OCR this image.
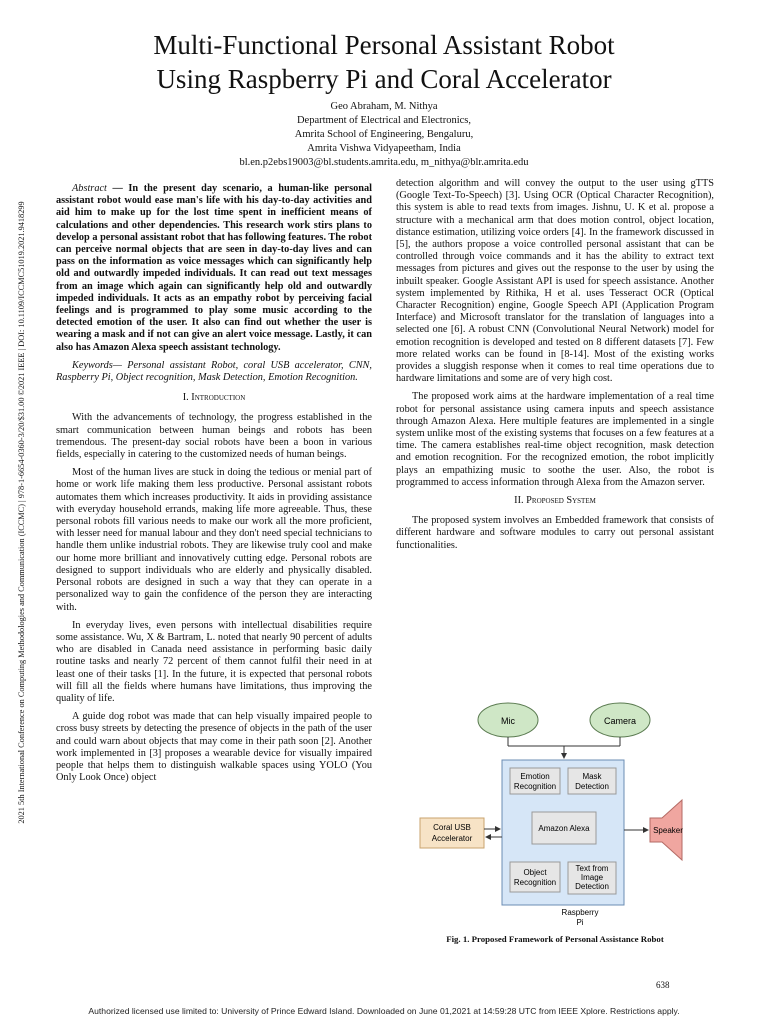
Multi-Functional Personal Assistant Robot
Using Raspberry Pi and Coral Accelerator
Geo Abraham, M. Nithya
Department of Electrical and Electronics,
Amrita School of Engineering, Bengaluru,
Amrita Vishwa Vidyapeetham, India
bl.en.p2ebs19003@bl.students.amrita.edu, m_nithya@blr.amrita.edu
2021 5th International Conference on Computing Methodologies and Communication (ICCMC) | 978-1-6654-0360-3/20/$31.00 ©2021 IEEE | DOI: 10.1109/ICCMC51019.2021.9418299

Abstract — In the present day scenario, a human-like personal assistant robot would ease man's life with his day-to-day activities and aid him to make up for the lost time spent in inefficient means of calculations and other dependencies. This research work stirs plans to develop a personal assistant robot that has following features. The robot can perceive normal objects that are seen in day-to-day lives and can pass on the information as voice messages which can significantly help old and outwardly impeded individuals. It can read out text messages from an image which again can significantly help old and outwardly impeded individuals. It acts as an empathy robot by perceiving facial feelings and is programmed to play some music according to the detected emotion of the user. It also can find out whether the user is wearing a mask and if not can give an alert voice message. Lastly, it can also has Amazon Alexa speech assistant technology.

Keywords— Personal assistant Robot, coral USB accelerator, CNN, Raspberry Pi, Object recognition, Mask Detection, Emotion Recognition.

I. Introduction

With the advancements of technology, the progress established in the smart communication between human beings and robots has been tremendous. The present-day social robots have been a boon in various fields, especially in catering to the customized needs of human beings.

Most of the human lives are stuck in doing the tedious or menial part of home or work life making them less productive. Personal assistant robots automates them which increases productivity. It aids in providing assistance with everyday household errands, making life more agreeable. Thus, these personal robots fill various needs to make our work all the more proficient, with lesser need for manual labour and they don't need special technicians to handle them unlike industrial robots. They are likewise truly cool and make our home more brilliant and innovatively cutting edge. Personal robots are designed to support individuals who are elderly and physically disabled. Personal robots are designed in such a way that they can operate in a personalized way to gain the confidence of the person they are interacting with.

In everyday lives, even persons with intellectual disabilities require some assistance. Wu, X & Bartram, L. noted that nearly 90 percent of adults who are disabled in Canada need assistance in performing basic daily routine tasks and nearly 72 percent of them cannot fulfil their need in at least one of their tasks [1]. In the future, it is expected that personal robots will fill all the fields where humans have limitations, thus improving the quality of life.

A guide dog robot was made that can help visually impaired people to cross busy streets by detecting the presence of objects in the path of the user and could warn about objects that may come in their path soon [2]. Another work implemented in [3] proposes a wearable device for visually impaired people that helps them to distinguish walkable spaces using YOLO (You Only Look Once) object

detection algorithm and will convey the output to the user using gTTS (Google Text-To-Speech) [3]. Using OCR (Optical Character Recognition), this system is able to read texts from images. Jishnu, U. K et al. propose a structure with a mechanical arm that does motion control, object location, distance estimation, utilizing voice orders [4]. In the framework discussed in [5], the authors propose a voice controlled personal assistant that can be controlled through voice commands and it has the ability to extract text messages from pictures and gives out the response to the user by using the inbuilt speaker. Google Assistant API is used for speech assistance. Another system implemented by Rithika, H et al. uses Tesseract OCR (Optical Character Recognition) engine, Google Speech API (Application Program Interface) and Microsoft translator for the translation of languages into a selected one [6]. A robust CNN (Convolutional Neural Network) model for emotion recognition is developed and tested on 8 different datasets [7]. Few more related works can be found in [8-14]. Most of the existing works provides a sluggish response when it comes to real time operations due to hardware limitations and some are of very high cost.

The proposed work aims at the hardware implementation of a real time robot for personal assistance using camera inputs and speech assistance through Amazon Alexa. Here multiple features are implemented in a single system unlike most of the existing systems that focuses on a few features at a time. The camera establishes real-time object recognition, mask detection and emotion recognition. For the recognized emotion, the robot implicitly plays an empathizing music to soothe the user. Also, the robot is programmed to access information through Alexa from the Amazon server.

II. Proposed System

The proposed system involves an Embedded framework that consists of different hardware and software modules to carry out personal assistant functionalities.

Mic	Camera
Emotion
Recognition
Mask
Detection
Amazon Alexa
Object
Recognition
Text from
Image
Detection
Raspberry
Pi
Coral USB
Accelerator
Speaker
Fig. 1. Proposed Framework of Personal Assistance Robot
638
Authorized licensed use limited to: University of Prince Edward Island. Downloaded on June 01,2021 at 14:59:28 UTC from IEEE Xplore. Restrictions apply.
